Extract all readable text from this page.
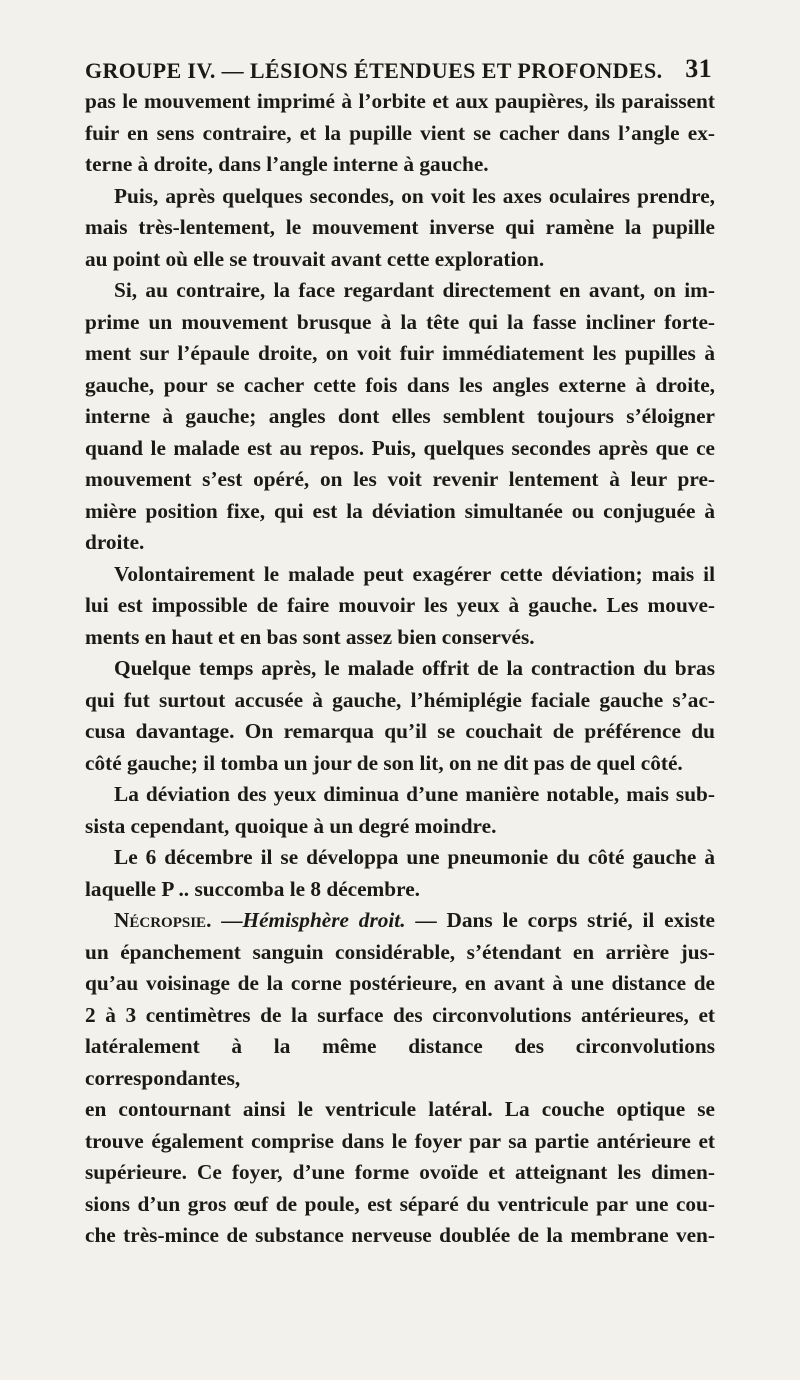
GROUPE IV. — LÉSIONS ÉTENDUES ET PROFONDES. 31

pas le mouvement imprimé à l’orbite et aux paupières, ils paraissent

fuir en sens contraire, et la pupille vient se cacher dans l’angle ex-

terne à droite, dans l’angle interne à gauche.

Puis, après quelques secondes, on voit les axes oculaires prendre,

mais très-lentement, le mouvement inverse qui ramène la pupille

au point où elle se trouvait avant cette exploration.

Si, au contraire, la face regardant directement en avant, on im-

prime un mouvement brusque à la tête qui la fasse incliner forte-

ment sur l’épaule droite, on voit fuir immédiatement les pupilles à

gauche, pour se cacher cette fois dans les angles externe à droite,

interne à gauche; angles dont elles semblent toujours s’éloigner

quand le malade est au repos. Puis, quelques secondes après que ce

mouvement s’est opéré, on les voit revenir lentement à leur pre-

mière position fixe, qui est la déviation simultanée ou conjuguée à

droite.

Volontairement le malade peut exagérer cette déviation; mais il

lui est impossible de faire mouvoir les yeux à gauche. Les mouve-

ments en haut et en bas sont assez bien conservés.

Quelque temps après, le malade offrit de la contraction du bras

qui fut surtout accusée à gauche, l’hémiplégie faciale gauche s’ac-

cusa davantage. On remarqua qu’il se couchait de préférence du

côté gauche; il tomba un jour de son lit, on ne dit pas de quel côté.

La déviation des yeux diminua d’une manière notable, mais sub-

sista cependant, quoique à un degré moindre.

Le 6 décembre il se développa une pneumonie du côté gauche à

laquelle P .. succomba le 8 décembre.

Nécropsie. —Hémisphère droit. — Dans le corps strié, il existe

un épanchement sanguin considérable, s’étendant en arrière jus-

qu’au voisinage de la corne postérieure, en avant à une distance de

2 à 3 centimètres de la surface des circonvolutions antérieures, et

latéralement à la même distance des circonvolutions correspondantes,

en contournant ainsi le ventricule latéral. La couche optique se

trouve également comprise dans le foyer par sa partie antérieure et

supérieure. Ce foyer, d’une forme ovoïde et atteignant les dimen-

sions d’un gros œuf de poule, est séparé du ventricule par une cou-

che très-mince de substance nerveuse doublée de la membrane ven-
